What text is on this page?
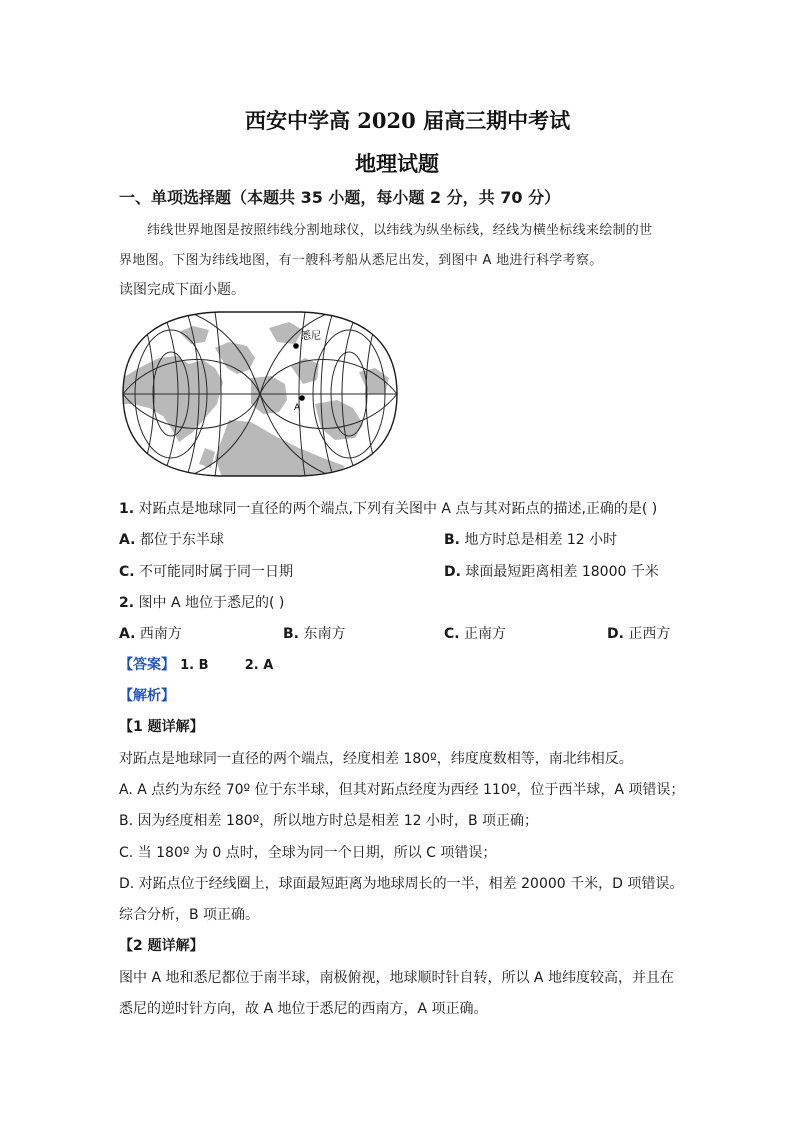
西安中学高 2020 届高三期中考试
地理试题
一、单项选择题（本题共 35 小题，每小题 2 分，共 70 分）
纬线世界地图是按照纬线分割地球仪，以纬线为纵坐标线，经线为横坐标线来绘制的世
界地图。下图为纬线地图，有一艘科考船从悉尼出发，到图中 A 地进行科学考察。
读图完成下面小题。
悉尼
A
1. 对跖点是地球同一直径的两个端点,下列有关图中 A 点与其对跖点的描述,正确的是( )
A. 都位于东半球	B. 地方时总是相差 12 小时
C. 不可能同时属于同一日期	D. 球面最短距离相差 18000 千米
2. 图中 A 地位于悉尼的( )
A. 西南方	B. 东南方	C. 正南方	D. 正西方
【答案】 1. B        2. A
【解析】
【1 题详解】
对跖点是地球同一直径的两个端点，经度相差 180º，纬度度数相等，南北纬相反。
A. A 点约为东经 70º 位于东半球，但其对跖点经度为西经 110º，位于西半球，A 项错误；
B. 因为经度相差 180º，所以地方时总是相差 12 小时，B 项正确；
C. 当 180º 为 0 点时，全球为同一个日期，所以 C 项错误；
D. 对跖点位于经线圈上，球面最短距离为地球周长的一半，相差 20000 千米，D 项错误。
综合分析，B 项正确。
【2 题详解】
图中 A 地和悉尼都位于南半球，南极俯视，地球顺时针自转，所以 A 地纬度较高，并且在
悉尼的逆时针方向，故 A 地位于悉尼的西南方，A 项正确。
